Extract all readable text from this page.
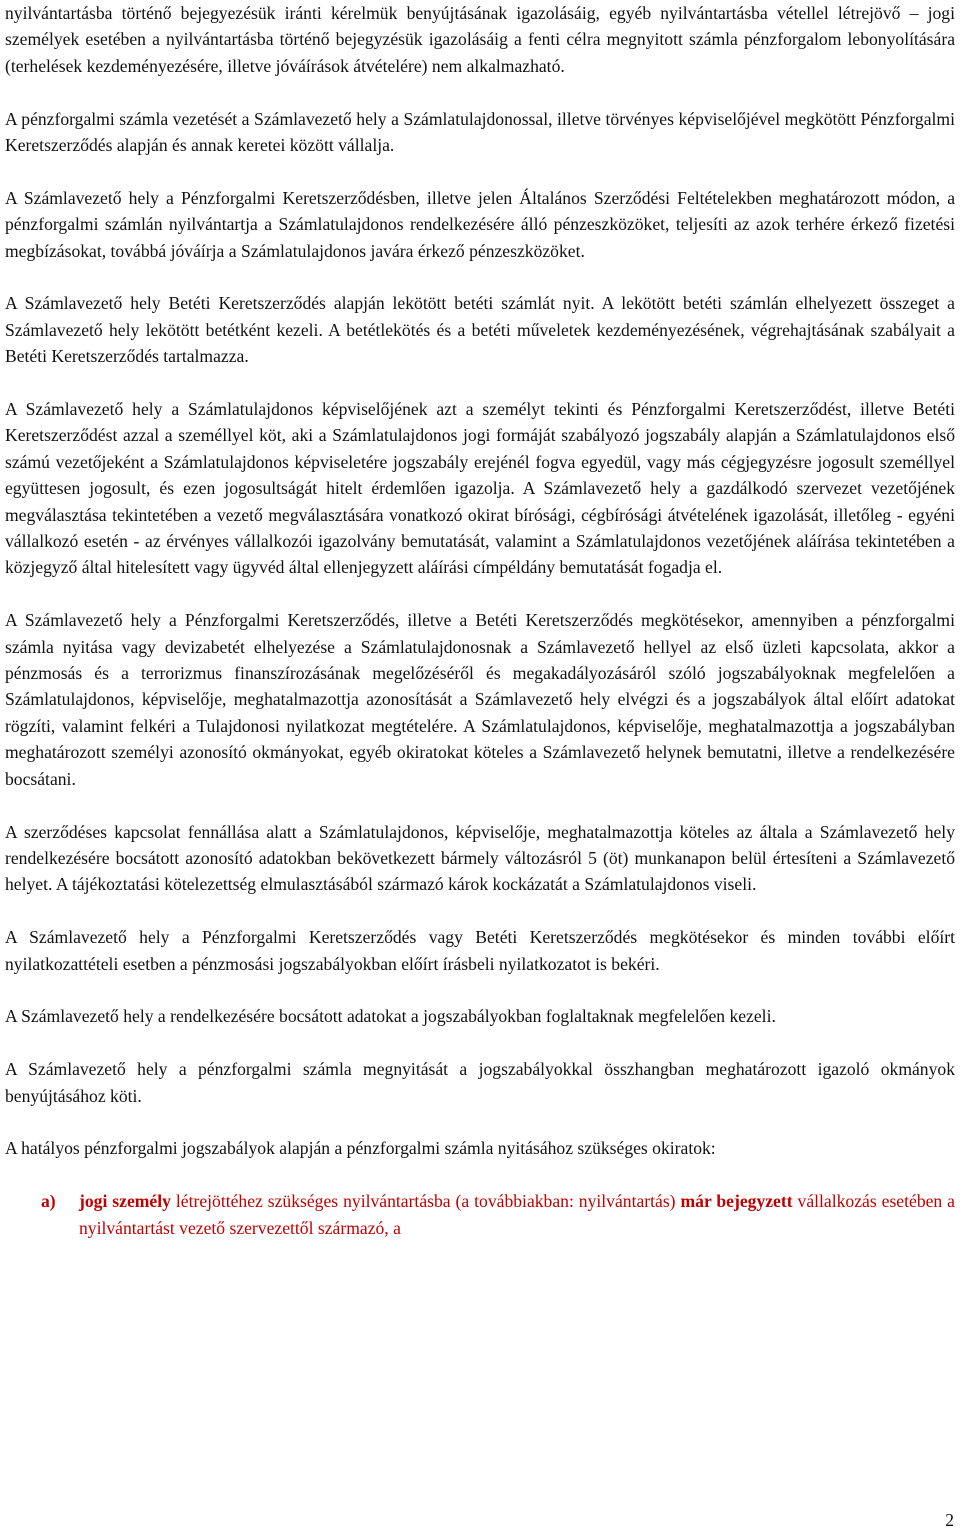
nyilvántartásba történő bejegyezésük iránti kérelmük benyújtásának igazolásáig, egyéb nyilvántartásba vétellel létrejövő – jogi személyek esetében a nyilvántartásba történő bejegyzésük igazolásáig a fenti célra megnyitott számla pénzforgalom lebonyolítására (terhelések kezdeményezésére, illetve jóváírások átvételére) nem alkalmazható.

A pénzforgalmi számla vezetését a Számlavezető hely a Számlatulajdonossal, illetve törvényes képviselőjével megkötött Pénzforgalmi Keretszerződés alapján és annak keretei között vállalja.

A Számlavezető hely a Pénzforgalmi Keretszerződésben, illetve jelen Általános Szerződési Feltételekben meghatározott módon, a pénzforgalmi számlán nyilvántartja a Számlatulajdonos rendelkezésére álló pénzeszközöket, teljesíti az azok terhére érkező fizetési megbízásokat, továbbá jóváírja a Számlatulajdonos javára érkező pénzeszközöket.

A Számlavezető hely Betéti Keretszerződés alapján lekötött betéti számlát nyit. A lekötött betéti számlán elhelyezett összeget a Számlavezető hely lekötött betétként kezeli. A betétlekötés és a betéti műveletek kezdeményezésének, végrehajtásának szabályait a Betéti Keretszerződés tartalmazza.

A Számlavezető hely a Számlatulajdonos képviselőjének azt a személyt tekinti és Pénzforgalmi Keretszerződést, illetve Betéti Keretszerződést azzal a személlyel köt, aki a Számlatulajdonos jogi formáját szabályozó jogszabály alapján a Számlatulajdonos első számú vezetőjeként a Számlatulajdonos képviseletére jogszabály erejénél fogva egyedül, vagy más cégjegyzésre jogosult személlyel együttesen jogosult, és ezen jogosultságát hitelt érdemlően igazolja. A Számlavezető hely a gazdálkodó szervezet vezetőjének megválasztása tekintetében a vezető megválasztására vonatkozó okirat bírósági, cégbírósági átvételének igazolását, illetőleg - egyéni vállalkozó esetén - az érvényes vállalkozói igazolvány bemutatását, valamint a Számlatulajdonos vezetőjének aláírása tekintetében a közjegyző által hitelesített vagy ügyvéd által ellenjegyzett aláírási címpéldány bemutatását fogadja el.

A Számlavezető hely a Pénzforgalmi Keretszerződés, illetve a Betéti Keretszerződés megkötésekor, amennyiben a pénzforgalmi számla nyitása vagy devizabetét elhelyezése a Számlatulajdonosnak a Számlavezető hellyel az első üzleti kapcsolata, akkor a pénzmosás és a terrorizmus finanszírozásának megelőzéséről és megakadályozásáról szóló jogszabályoknak megfelelően a Számlatulajdonos, képviselője, meghatalmazottja azonosítását a Számlavezető hely elvégzi és a jogszabályok által előírt adatokat rögzíti, valamint felkéri a Tulajdonosi nyilatkozat megtételére. A Számlatulajdonos, képviselője, meghatalmazottja a jogszabályban meghatározott személyi azonosító okmányokat, egyéb okiratokat köteles a Számlavezető helynek bemutatni, illetve a rendelkezésére bocsátani.

A szerződéses kapcsolat fennállása alatt a Számlatulajdonos, képviselője, meghatalmazottja köteles az általa a Számlavezető hely rendelkezésére bocsátott azonosító adatokban bekövetkezett bármely változásról 5 (öt) munkanapon belül értesíteni a Számlavezető helyet. A tájékoztatási kötelezettség elmulasztásából származó károk kockázatát a Számlatulajdonos viseli.

A Számlavezető hely a Pénzforgalmi Keretszerződés vagy Betéti Keretszerződés megkötésekor és minden további előírt nyilatkozattételi esetben a pénzmosási jogszabályokban előírt írásbeli nyilatkozatot is bekéri.

A Számlavezető hely a rendelkezésére bocsátott adatokat a jogszabályokban foglaltaknak megfelelően kezeli.

A Számlavezető hely a pénzforgalmi számla megnyitását a jogszabályokkal összhangban meghatározott igazoló okmányok benyújtásához köti.

A hatályos pénzforgalmi jogszabályok alapján a pénzforgalmi számla nyitásához szükséges okiratok:

a) jogi személy létrejöttéhez szükséges nyilvántartásba (a továbbiakban: nyilvántartás) már bejegyzett vállalkozás esetében a nyilvántartást vezető szervezettől származó, a

2
